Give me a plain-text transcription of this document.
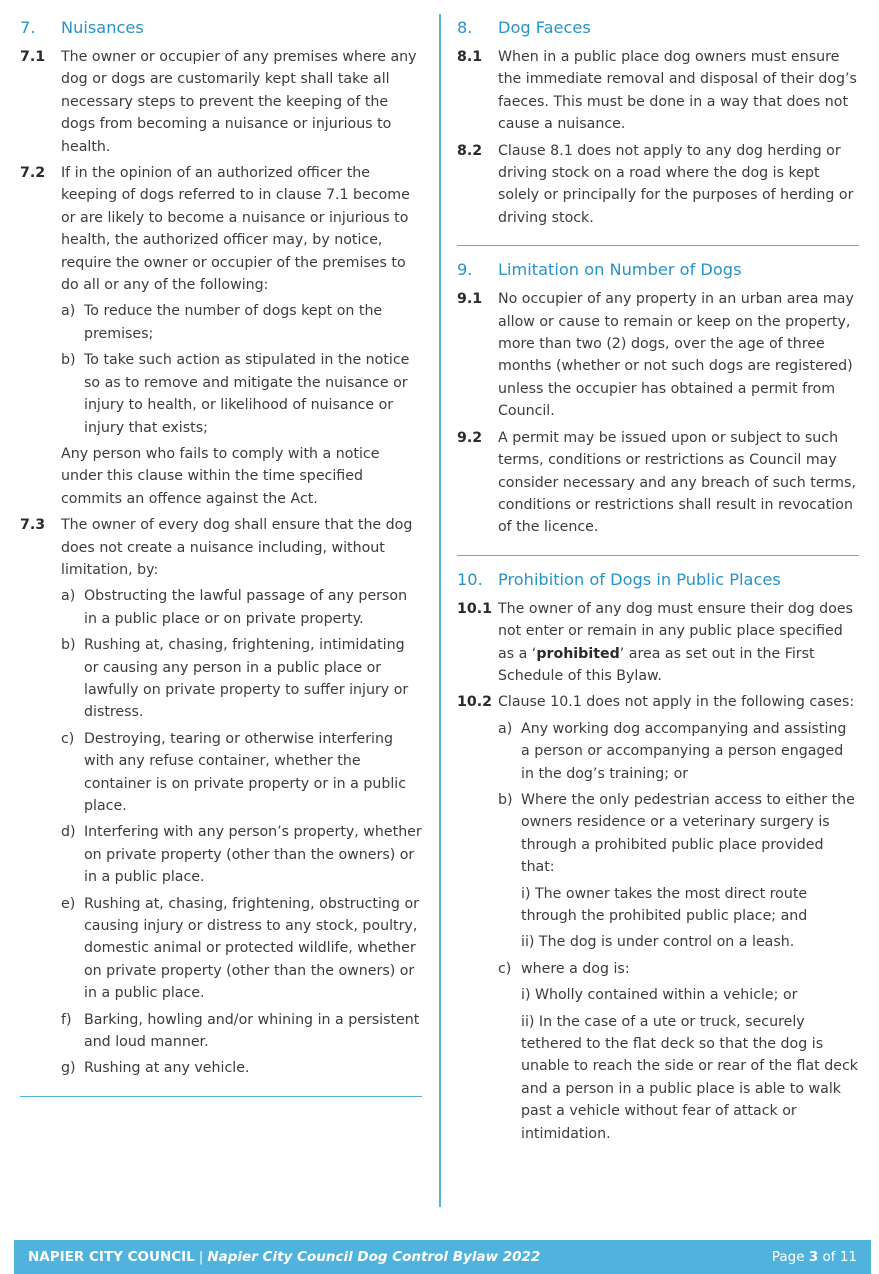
7.	Nuisances
7.1	The owner or occupier of any premises where any dog or dogs are customarily kept shall take all necessary steps to prevent the keeping of the dogs from becoming a nuisance or injurious to health.
7.2	If in the opinion of an authorized officer the keeping of dogs referred to in clause 7.1 become or are likely to become a nuisance or injurious to health, the authorized officer may, by notice, require the owner or occupier of the premises to do all or any of the following:
a) To reduce the number of dogs kept on the premises;
b) To take such action as stipulated in the notice so as to remove and mitigate the nuisance or injury to health, or likelihood of nuisance or injury that exists;
Any person who fails to comply with a notice under this clause within the time specified commits an offence against the Act.
7.3	The owner of every dog shall ensure that the dog does not create a nuisance including, without limitation, by:
a) Obstructing the lawful passage of any person in a public place or on private property.
b) Rushing at, chasing, frightening, intimidating or causing any person in a public place or lawfully on private property to suffer injury or distress.
c) Destroying, tearing or otherwise interfering with any refuse container, whether the container is on private property or in a public place.
d) Interfering with any person’s property, whether on private property (other than the owners) or in a public place.
e) Rushing at, chasing, frightening, obstructing or causing injury or distress to any stock, poultry, domestic animal or protected wildlife, whether on private property (other than the owners) or in a public place.
f) Barking, howling and/or whining in a persistent and loud manner.
g) Rushing at any vehicle.
8.	Dog Faeces
8.1	When in a public place dog owners must ensure the immediate removal and disposal of their dog’s faeces. This must be done in a way that does not cause a nuisance.
8.2	Clause 8.1 does not apply to any dog herding or driving stock on a road where the dog is kept solely or principally for the purposes of herding or driving stock.
9.	Limitation on Number of Dogs
9.1	No occupier of any property in an urban area may allow or cause to remain or keep on the property, more than two (2) dogs, over the age of three months (whether or not such dogs are registered) unless the occupier has obtained a permit from Council.
9.2	A permit may be issued upon or subject to such terms, conditions or restrictions as Council may consider necessary and any breach of such terms, conditions or restrictions shall result in revocation of the licence.
10. Prohibition of Dogs in Public Places
10.1 The owner of any dog must ensure their dog does not enter or remain in any public place specified as a ‘prohibited’ area as set out in the First Schedule of this Bylaw.
10.2 Clause 10.1 does not apply in the following cases:
a) Any working dog accompanying and assisting a person or accompanying a person engaged in the dog’s training; or
b) Where the only pedestrian access to either the owners residence or a veterinary surgery is through a prohibited public place provided that:
i) The owner takes the most direct route through the prohibited public place; and
ii) The dog is under control on a leash.
c) where a dog is:
i) Wholly contained within a vehicle; or
ii) In the case of a ute or truck, securely tethered to the flat deck so that the dog is unable to reach the side or rear of the flat deck and a person in a public place is able to walk past a vehicle without fear of attack or intimidation.
NAPIER CITY COUNCIL | Napier City Council Dog Control Bylaw 2022	Page 3 of 11
